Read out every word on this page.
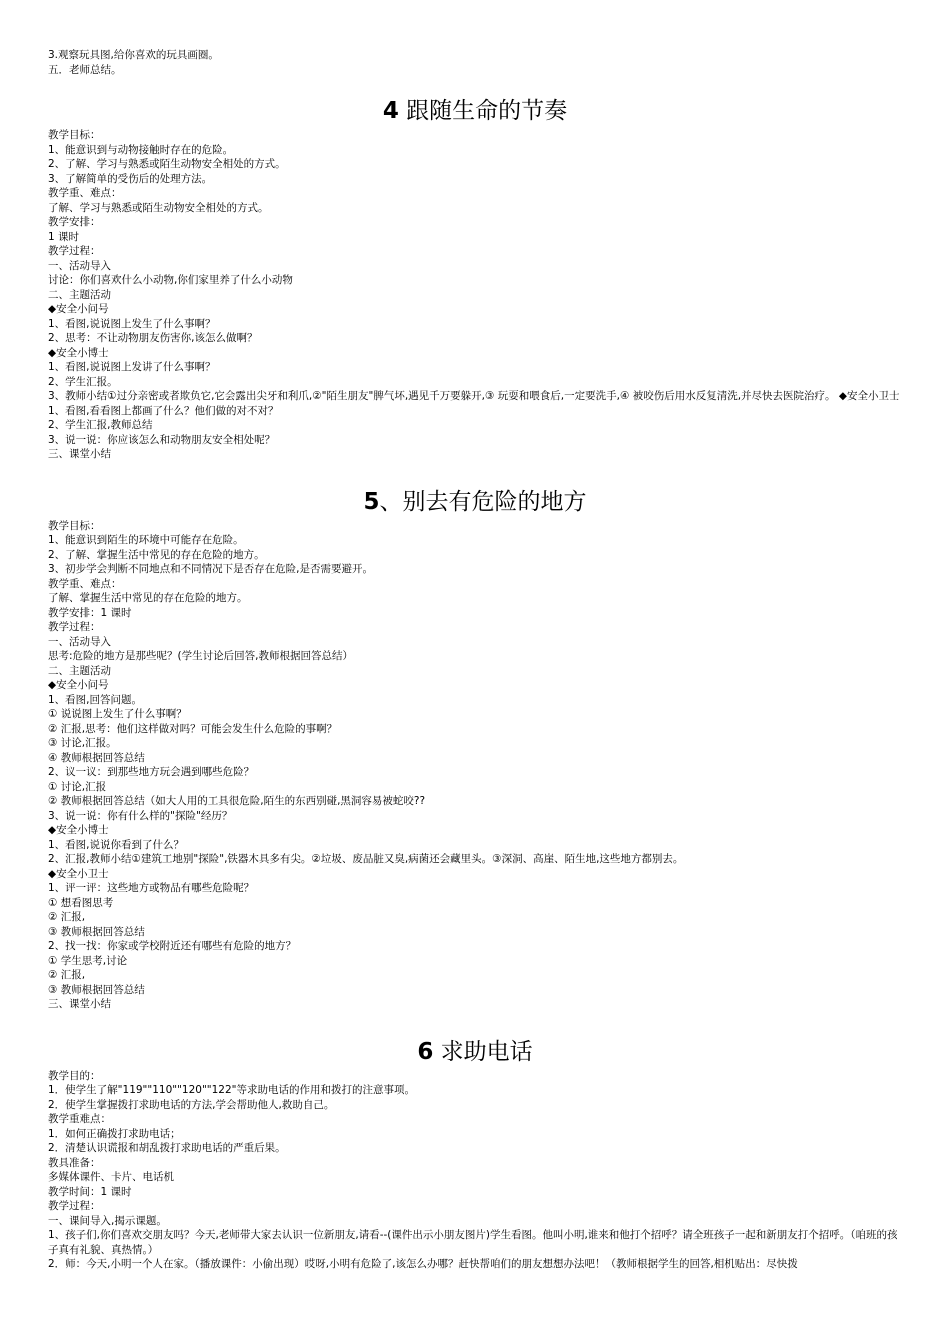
3.观察玩具图,给你喜欢的玩具画圈。
五．老师总结。
4 跟随生命的节奏
教学目标：
1、能意识到与动物接触时存在的危险。
2、了解、学习与熟悉或陌生动物安全相处的方式。
3、了解简单的受伤后的处理方法。
教学重、难点：
了解、学习与熟悉或陌生动物安全相处的方式。
教学安排：
1 课时
教学过程：
一、活动导入
讨论：你们喜欢什么小动物,你们家里养了什么小动物
二、主题活动
◆安全小问号
1、看图,说说图上发生了什么事啊？
2、思考：不让动物朋友伤害你,该怎么做啊？
◆安全小博士
1、看图,说说图上发讲了什么事啊？
2、学生汇报。
3、教师小结①过分亲密或者欺负它,它会露出尖牙和利爪,②"陌生朋友"脾气坏,遇见千万要躲开,③ 玩耍和喂食后,一定要洗手,④ 被咬伤后用水反复清洗,并尽快去医院治疗。 ◆安全小卫士
1、看图,看看图上都画了什么？他们做的对不对？
2、学生汇报,教师总结
3、说一说：你应该怎么和动物朋友安全相处呢？
三、课堂小结
5、别去有危险的地方
教学目标：
1、能意识到陌生的环境中可能存在危险。
2、了解、掌握生活中常见的存在危险的地方。
3、初步学会判断不同地点和不同情况下是否存在危险,是否需要避开。
教学重、难点：
了解、掌握生活中常见的存在危险的地方。
教学安排：1 课时
教学过程：
一、活动导入
思考:危险的地方是那些呢？(学生讨论后回答,教师根据回答总结）
二、主题活动
◆安全小问号
1、看图,回答问题。
① 说说图上发生了什么事啊？
② 汇报,思考：他们这样做对吗？可能会发生什么危险的事啊？
③ 讨论,汇报。
④ 教师根据回答总结
2、议一议：到那些地方玩会遇到哪些危险？
① 讨论,汇报
② 教师根据回答总结（如大人用的工具很危险,陌生的东西别碰,黑洞容易被蛇咬??
3、说一说：你有什么样的"探险"经历？
◆安全小博士
1、看图,说说你看到了什么？
2、汇报,教师小结①建筑工地别"探险",铁器木具多有尖。②垃圾、废品脏又臭,病菌还会藏里头。③深洞、高崖、陌生地,这些地方都别去。
◆安全小卫士
1、评一评：这些地方或物品有哪些危险呢？
① 想看图思考
② 汇报,
③ 教师根据回答总结
2、找一找：你家或学校附近还有哪些有危险的地方？
① 学生思考,讨论
② 汇报,
③ 教师根据回答总结
三、课堂小结
6 求助电话
教学目的：
1．使学生了解"119""110""120""122"等求助电话的作用和拨打的注意事项。
2．使学生掌握拨打求助电话的方法,学会帮助他人,救助自己。
教学重难点：
1．如何正确拨打求助电话；
2．清楚认识谎报和胡乱拨打求助电话的严重后果。
教具准备：
多媒体课件、卡片、电话机
教学时间：1 课时
教学过程：
一、课间导入,揭示课题。
1、孩子们,你们喜欢交朋友吗？今天,老师带大家去认识一位新朋友,请看--(课件出示小朋友图片)学生看图。他叫小明,谁来和他打个招呼？请全班孩子一起和新朋友打个招呼。（咱班的孩子真有礼貌、真热情。）
2．师：今天,小明一个人在家。（播放课件：小偷出现）哎呀,小明有危险了,该怎么办哪？赶快帮咱们的朋友想想办法吧！（教师根据学生的回答,相机贴出：尽快拨
